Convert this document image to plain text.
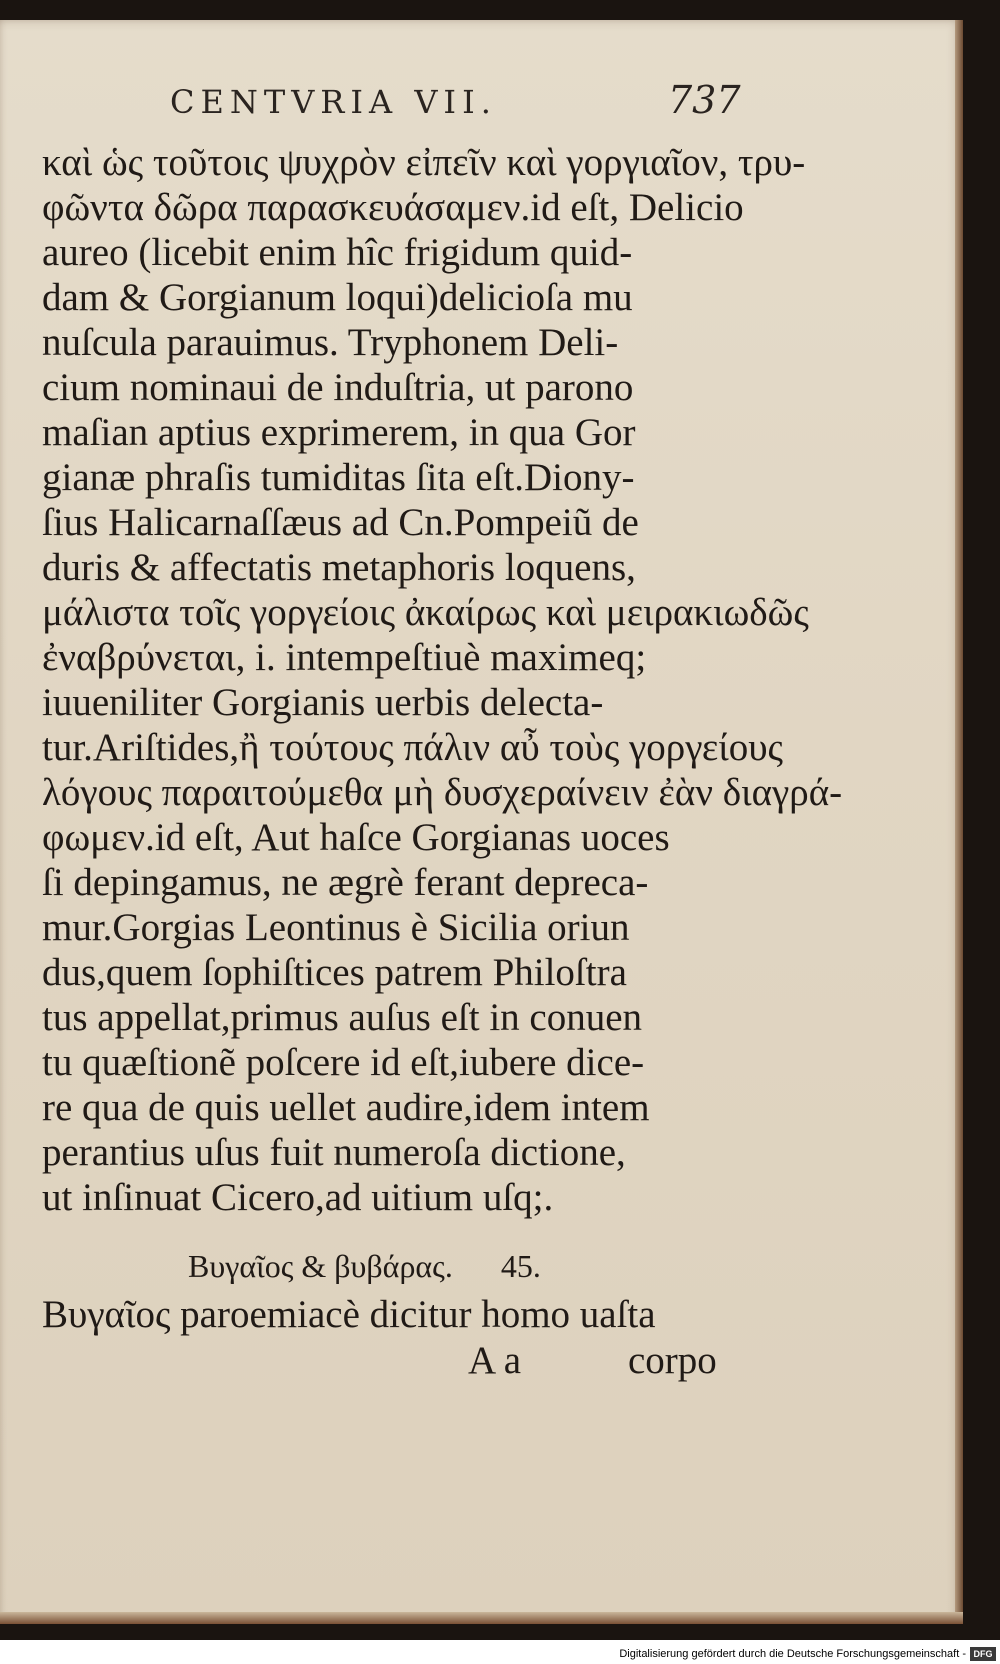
CENTVRIA VII.	737
καὶ ὡς τοῦτοις ψυχρὸν εἰπεῖν καὶ γοργιαῖον, τρυ-
φῶντα δῶρα παρασκευάσαμεν.id eſt, Delicio
aureo (licebit enim hîc frigidum quid-
dam & Gorgianum loqui)delicioſa mu
nuſcula parauimus. Tryphonem Deli-
cium nominaui de induſtria, ut parono
maſian aptius exprimerem, in qua Gor
gianæ phraſis tumiditas ſita eſt.Diony-
ſius Halicarnaſſæus ad Cn.Pompeiũ de
duris & affectatis metaphoris loquens,
μάλιστα τοῖς γοργείοις ἀκαίρως καὶ μειρακιωδῶς
ἐναβρύνεται, i. intempeſtiuè maximeq;
iuueniliter Gorgianis uerbis delecta-
tur.Ariſtides,ἢ τούτους πάλιν αὖ τοὺς γοργείους
λόγους παραιτούμεθα μὴ δυσχεραίνειν ἐὰν διαγρά-
φωμεν.id eſt, Aut haſce Gorgianas uoces
ſi depingamus, ne ægrè ferant depreca-
mur.Gorgias Leontinus è Sicilia oriun
dus,quem ſophiſtices patrem Philoſtra
tus appellat,primus auſus eſt in conuen
tu quæſtionẽ poſcere id eſt,iubere dice-
re qua de quis uellet audire,idem intem
perantius uſus fuit numeroſa dictione,
ut inſinuat Cicero,ad uitium uſq;.
Βυγαῖος & βυβάρας. 45.
Βυγαῖος paroemiacè dicitur homo uaſta
A a	corpo
Digitalisierung gefördert durch die Deutsche Forschungsgemeinschaft - DFG
